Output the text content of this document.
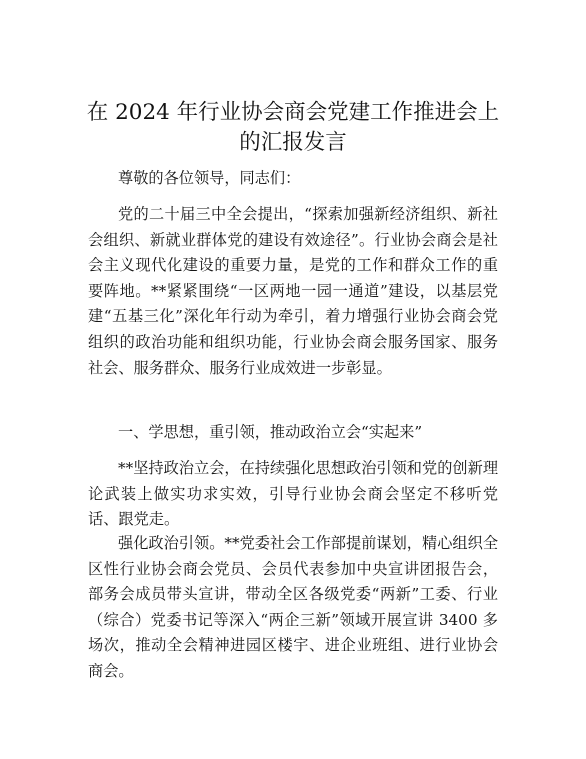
在 2024 年行业协会商会党建工作推进会上的汇报发言

尊敬的各位领导，同志们：

党的二十届三中全会提出，“探索加强新经济组织、新社会组织、新就业群体党的建设有效途径”。行业协会商会是社会主义现代化建设的重要力量，是党的工作和群众工作的重要阵地。**紧紧围绕“一区两地一园一通道”建设，以基层党建“五基三化”深化年行动为牵引，着力增强行业协会商会党组织的政治功能和组织功能，行业协会商会服务国家、服务社会、服务群众、服务行业成效进一步彰显。

一、学思想，重引领，推动政治立会“实起来”

**坚持政治立会，在持续强化思想政治引领和党的创新理论武装上做实功求实效，引导行业协会商会坚定不移听党话、跟党走。

强化政治引领。**党委社会工作部提前谋划，精心组织全区性行业协会商会党员、会员代表参加中央宣讲团报告会，部务会成员带头宣讲，带动全区各级党委“两新”工委、行业（综合）党委书记等深入“两企三新”领域开展宣讲 3400 多场次，推动全会精神进园区楼宇、进企业班组、进行业协会商会。
